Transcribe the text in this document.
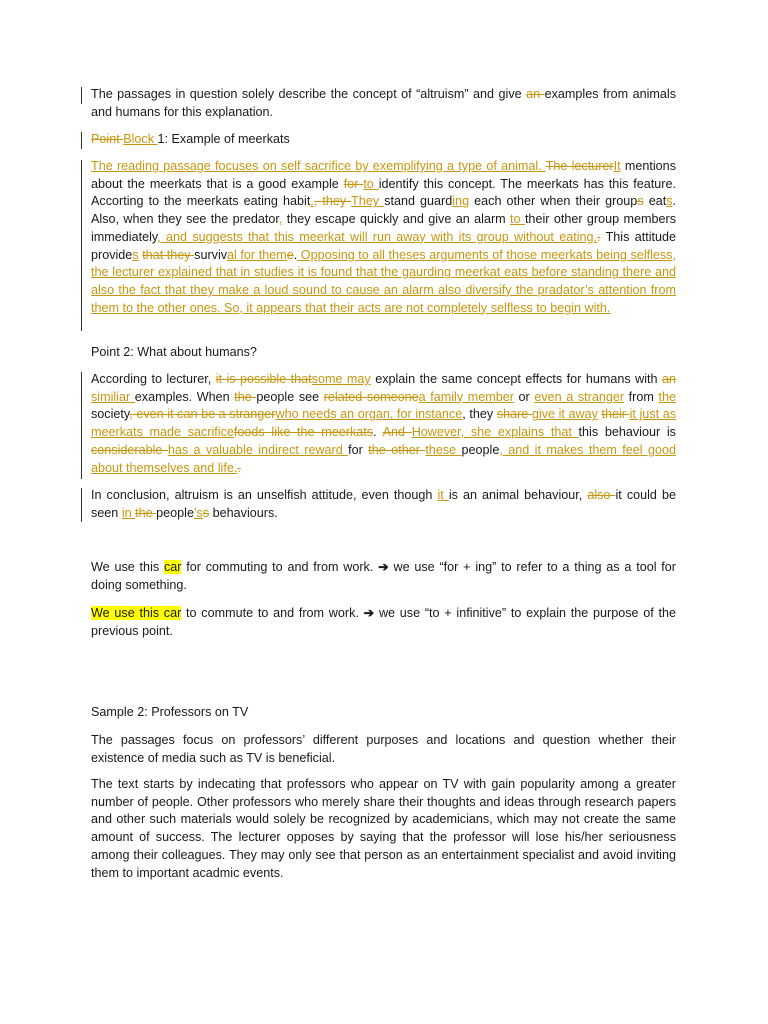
The passages in question solely describe the concept of “altruism” and give an examples from animals and humans for this explanation.

Point Block 1: Example of meerkats

The reading passage focuses on self sacrifice by exemplifying a type of animal. The lecturerIt mentions about the meerkats that is a good example for to identify this concept. The meerkats has this feature. Accorting to the meerkats eating habit., they They stand guarding each other when their groups eats. Also, when they see the predator, they escape quickly and give an alarm to their other group members immediately, and suggests that this meerkat will run away with its group without eating.. This attitude provides that they survival for theme. Opposing to all theses arguments of those meerkats being selfless, the lecturer explained that in studies it is found that the gaurding meerkat eats before standing there and also the fact that they make a loud sound to cause an alarm also diversify the pradator’s attention from them to the other ones. So, it appears that their acts are not completely selfless to begin with.

Point 2: What about humans?

According to lecturer, it is possible thatsome may explain the same concept effects for humans with an similiar examples. When the people see related someonea family member or even a stranger from the society, even it can be a strangerwho needs an organ, for instance, they share give it away their it just as meerkats made sacrificefoods like the meerkats. And However, she explains that this behaviour is considerable has a valuable indirect reward for the other these people, and it makes them feel good about themselves and life..

In conclusion, altruism is an unselfish attitude, even though it is an animal behaviour, also it could be seen in the people’ss behaviours.

We use this car for commuting to and from work. ➔ we use “for + ing” to refer to a thing as a tool for doing something.

We use this car to commute to and from work. ➔ we use “to + infinitive” to explain the purpose of the previous point.

Sample 2: Professors on TV

The passages focus on professors’ different purposes and locations and question whether their existence of media such as TV is beneficial.

The text starts by indecating that professors who appear on TV with gain popularity among a greater number of people. Other professors who merely share their thoughts and ideas through research papers and other such materials would solely be recognized by academicians, which may not create the same amount of success. The lecturer opposes by saying that the professor will lose his/her seriousness among their colleagues. They may only see that person as an entertainment specialist and avoid inviting them to important acadmic events.
